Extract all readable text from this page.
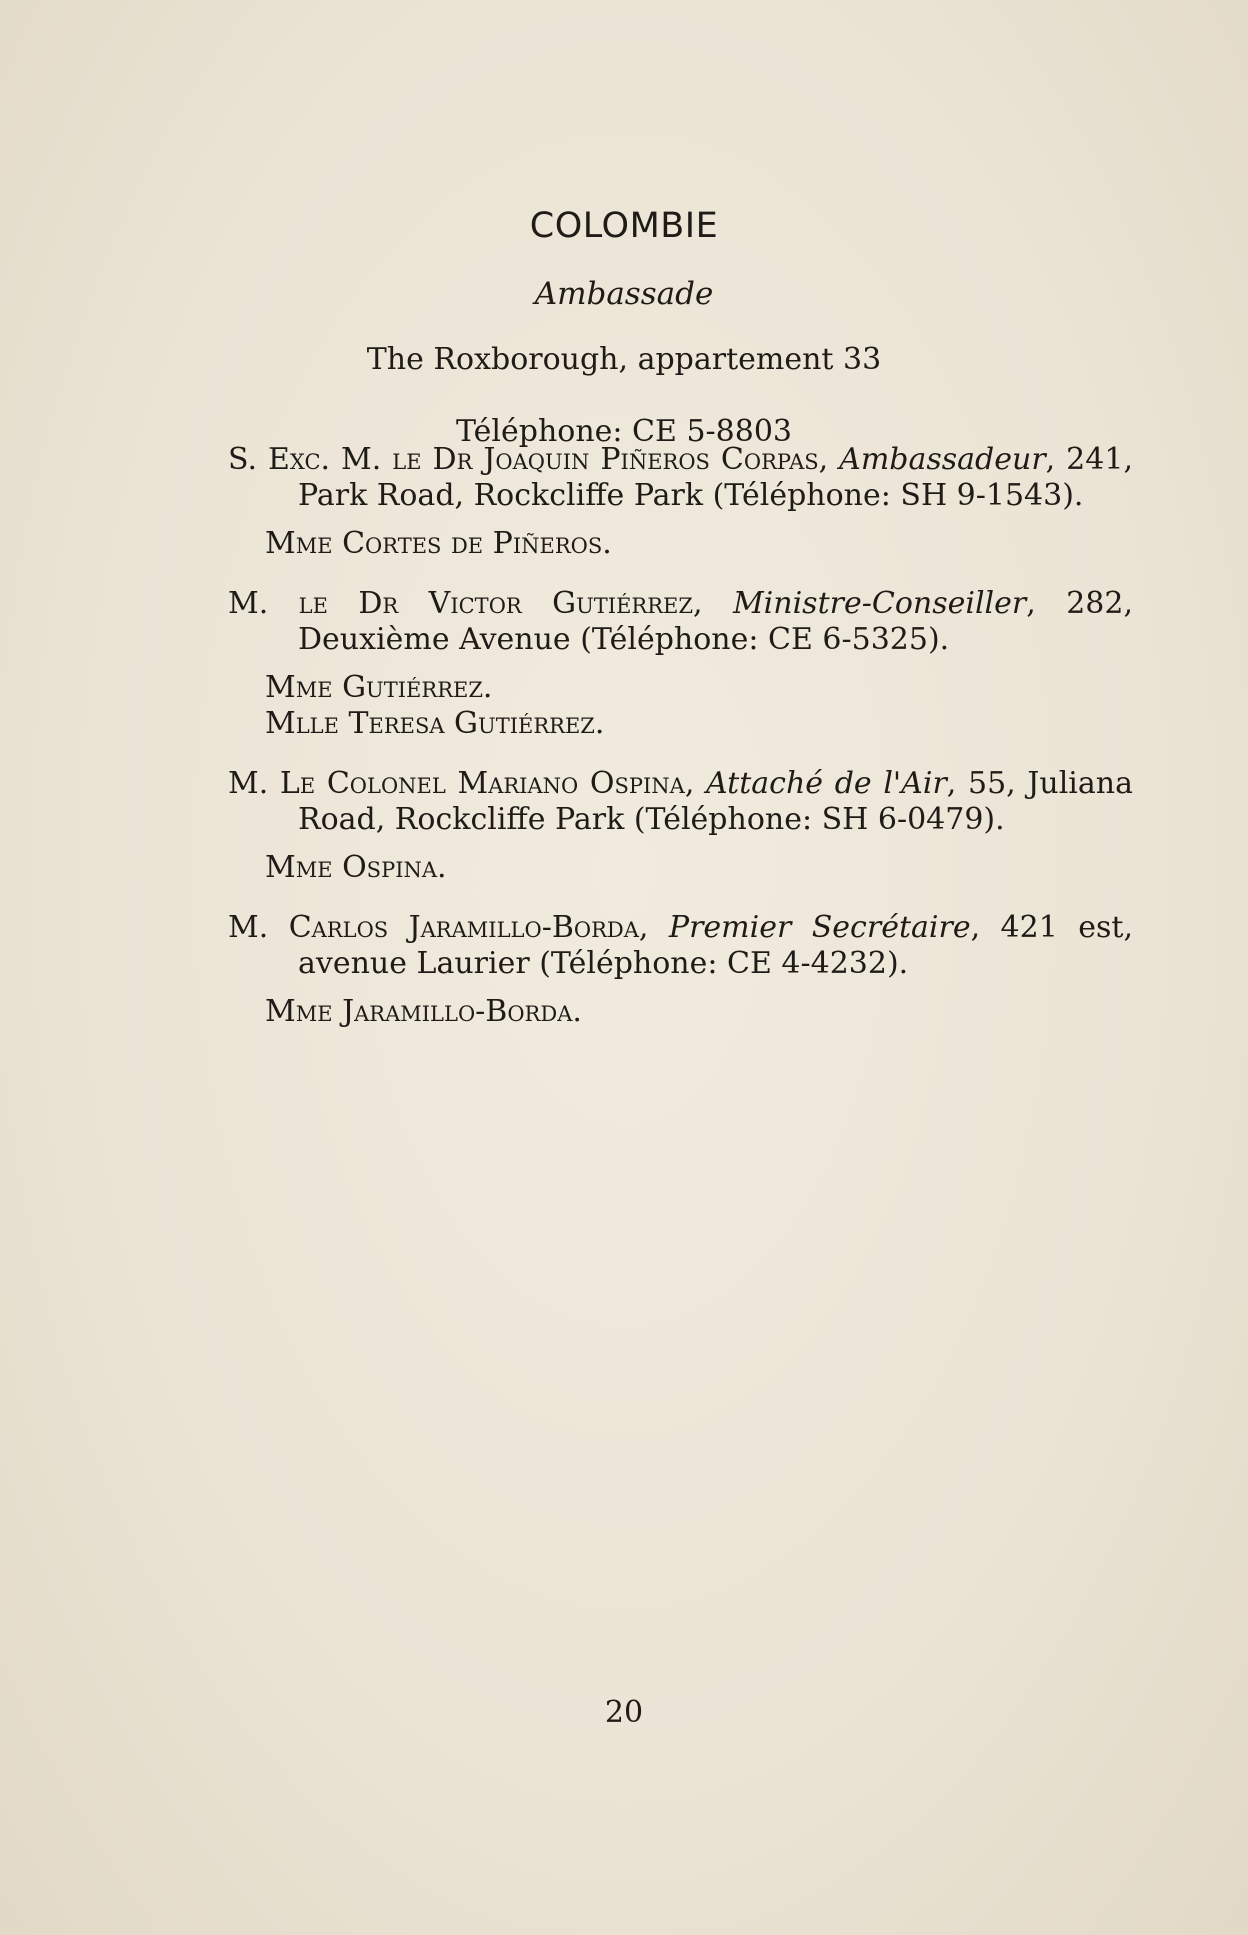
COLOMBIE
Ambassade
The Roxborough, appartement 33
Téléphone: CE 5-8803

S. Exc. M. le Dr Joaquin Piñeros Corpas, Ambassadeur, 241, Park Road, Rockcliffe Park (Téléphone: SH 9-1543).

Mme Cortes de Piñeros.

M. le Dr Victor Gutiérrez, Ministre-Conseiller, 282, Deuxième Avenue (Téléphone: CE 6-5325).

Mme Gutiérrez.
Mlle Teresa Gutiérrez.

M. Le Colonel Mariano Ospina, Attaché de l'Air, 55, Juliana Road, Rockcliffe Park (Téléphone: SH 6-0479).

Mme Ospina.

M. Carlos Jaramillo-Borda, Premier Secrétaire, 421 est, avenue Laurier (Téléphone: CE 4-4232).

Mme Jaramillo-Borda.
20
